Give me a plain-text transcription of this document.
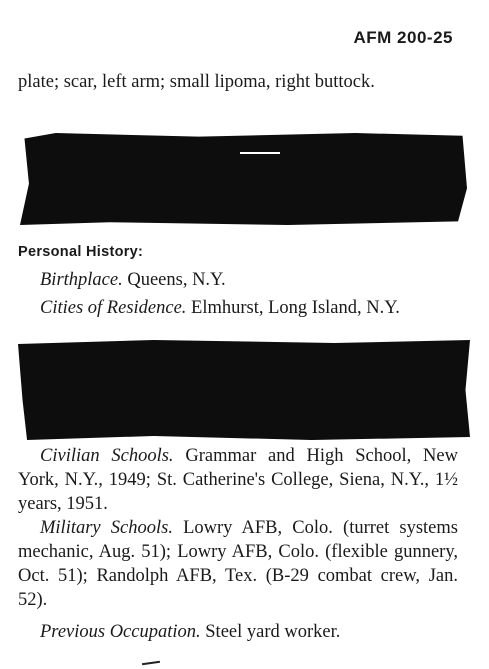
AFM 200-25
plate; scar, left arm; small lipoma, right buttock.
Personal History:
Birthplace. Queens, N.Y.
Cities of Residence. Elmhurst, Long Island, N.Y.
Civilian Schools. Grammar and High School, New York, N.Y., 1949; St. Catherine's College, Siena, N.Y., 1½ years, 1951.
Military Schools. Lowry AFB, Colo. (turret systems mechanic, Aug. 51); Lowry AFB, Colo. (flexible gunnery, Oct. 51); Randolph AFB, Tex. (B-29 combat crew, Jan. 52).
Previous Occupation. Steel yard worker.
